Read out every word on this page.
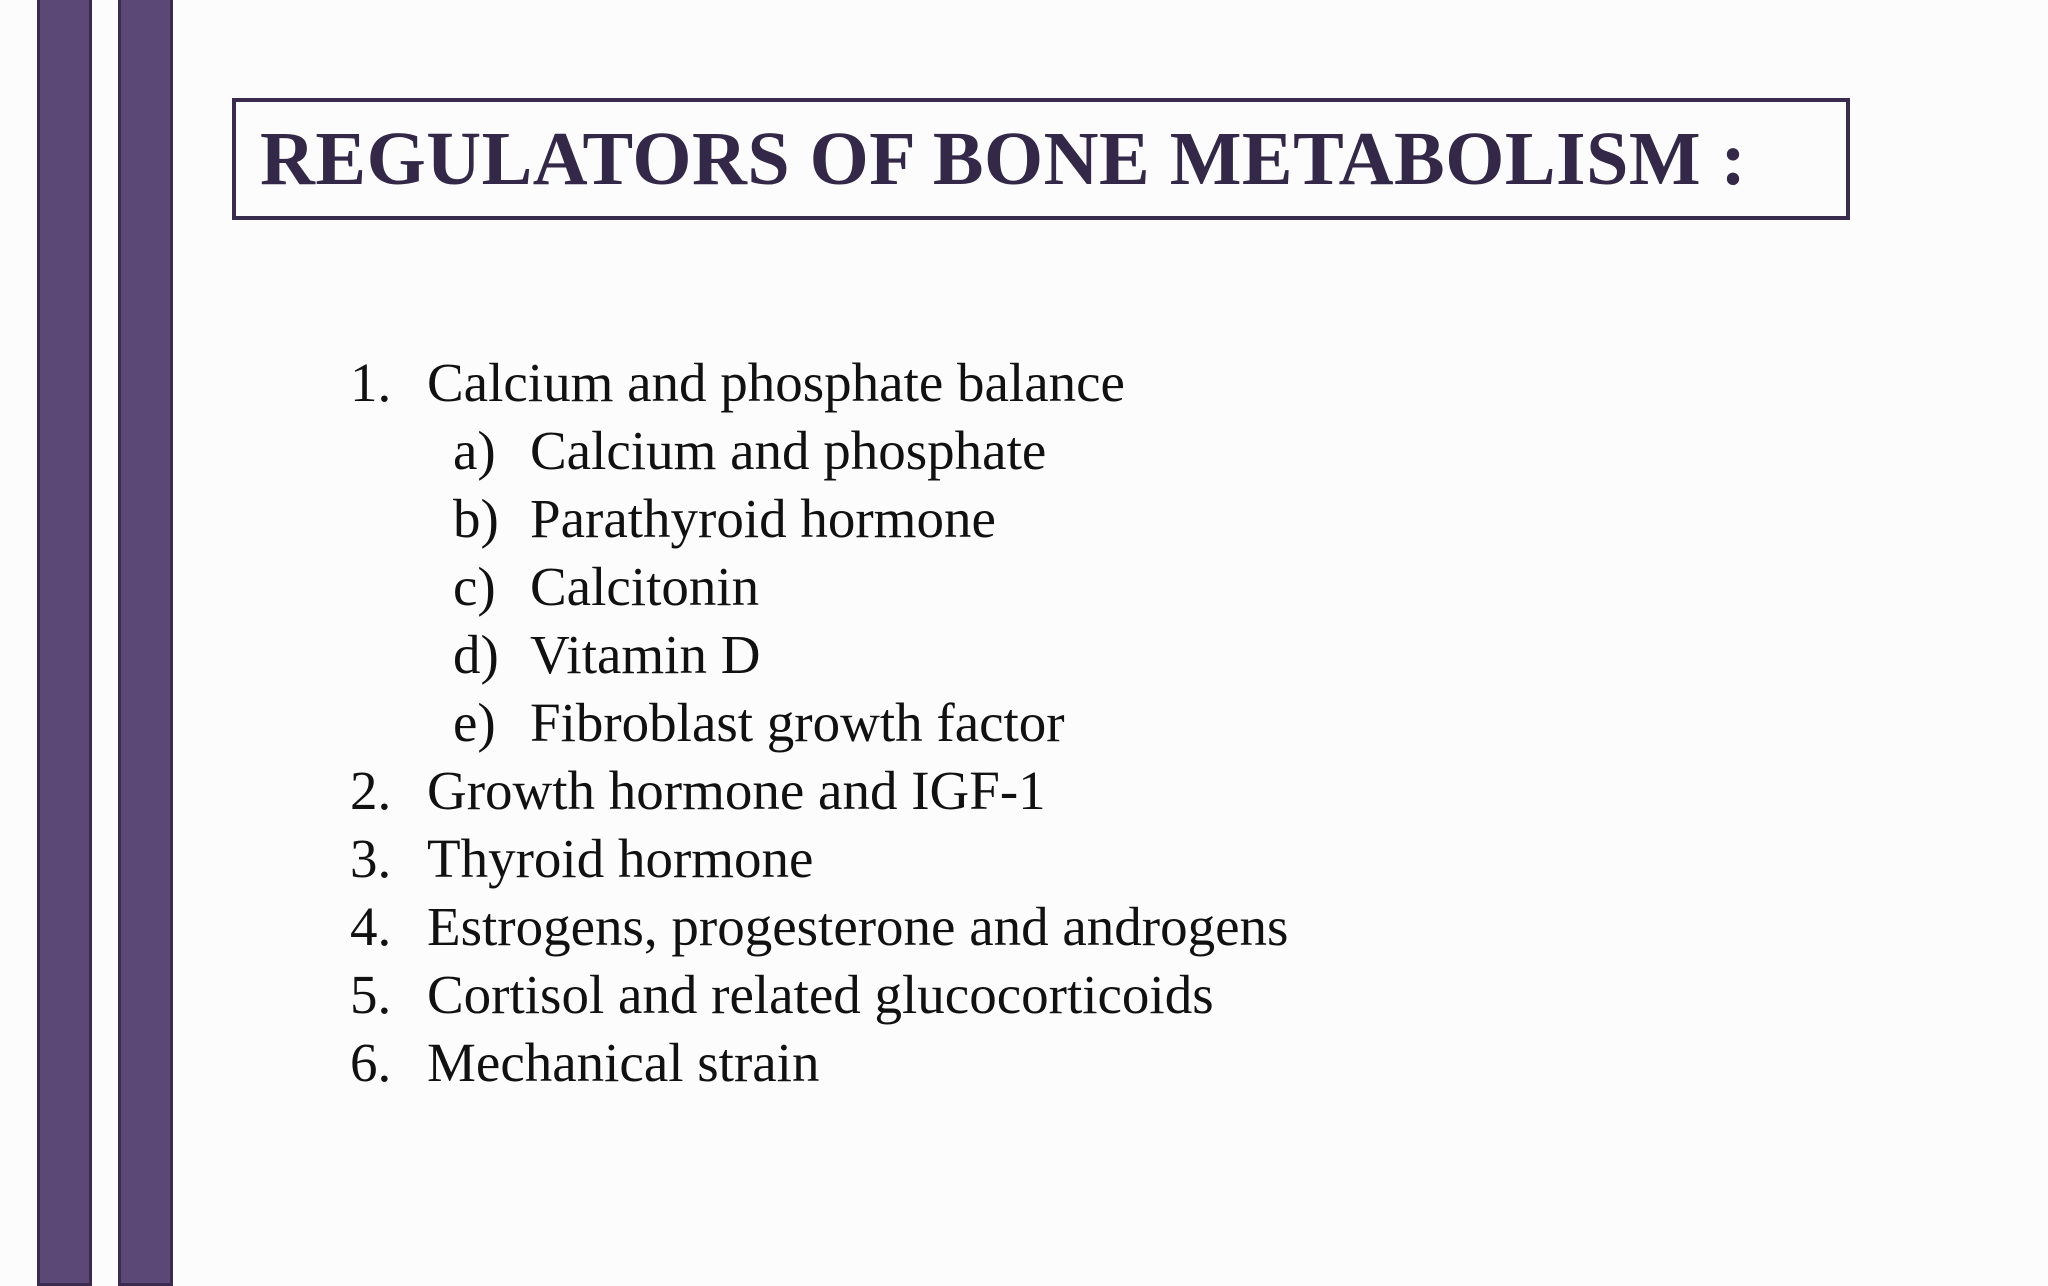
REGULATORS OF BONE METABOLISM :
1. Calcium and phosphate balance
a) Calcium and phosphate
b) Parathyroid hormone
c) Calcitonin
d) Vitamin D
e) Fibroblast growth factor
2. Growth hormone and IGF-1
3. Thyroid hormone
4. Estrogens, progesterone and androgens
5. Cortisol and related glucocorticoids
6. Mechanical strain
